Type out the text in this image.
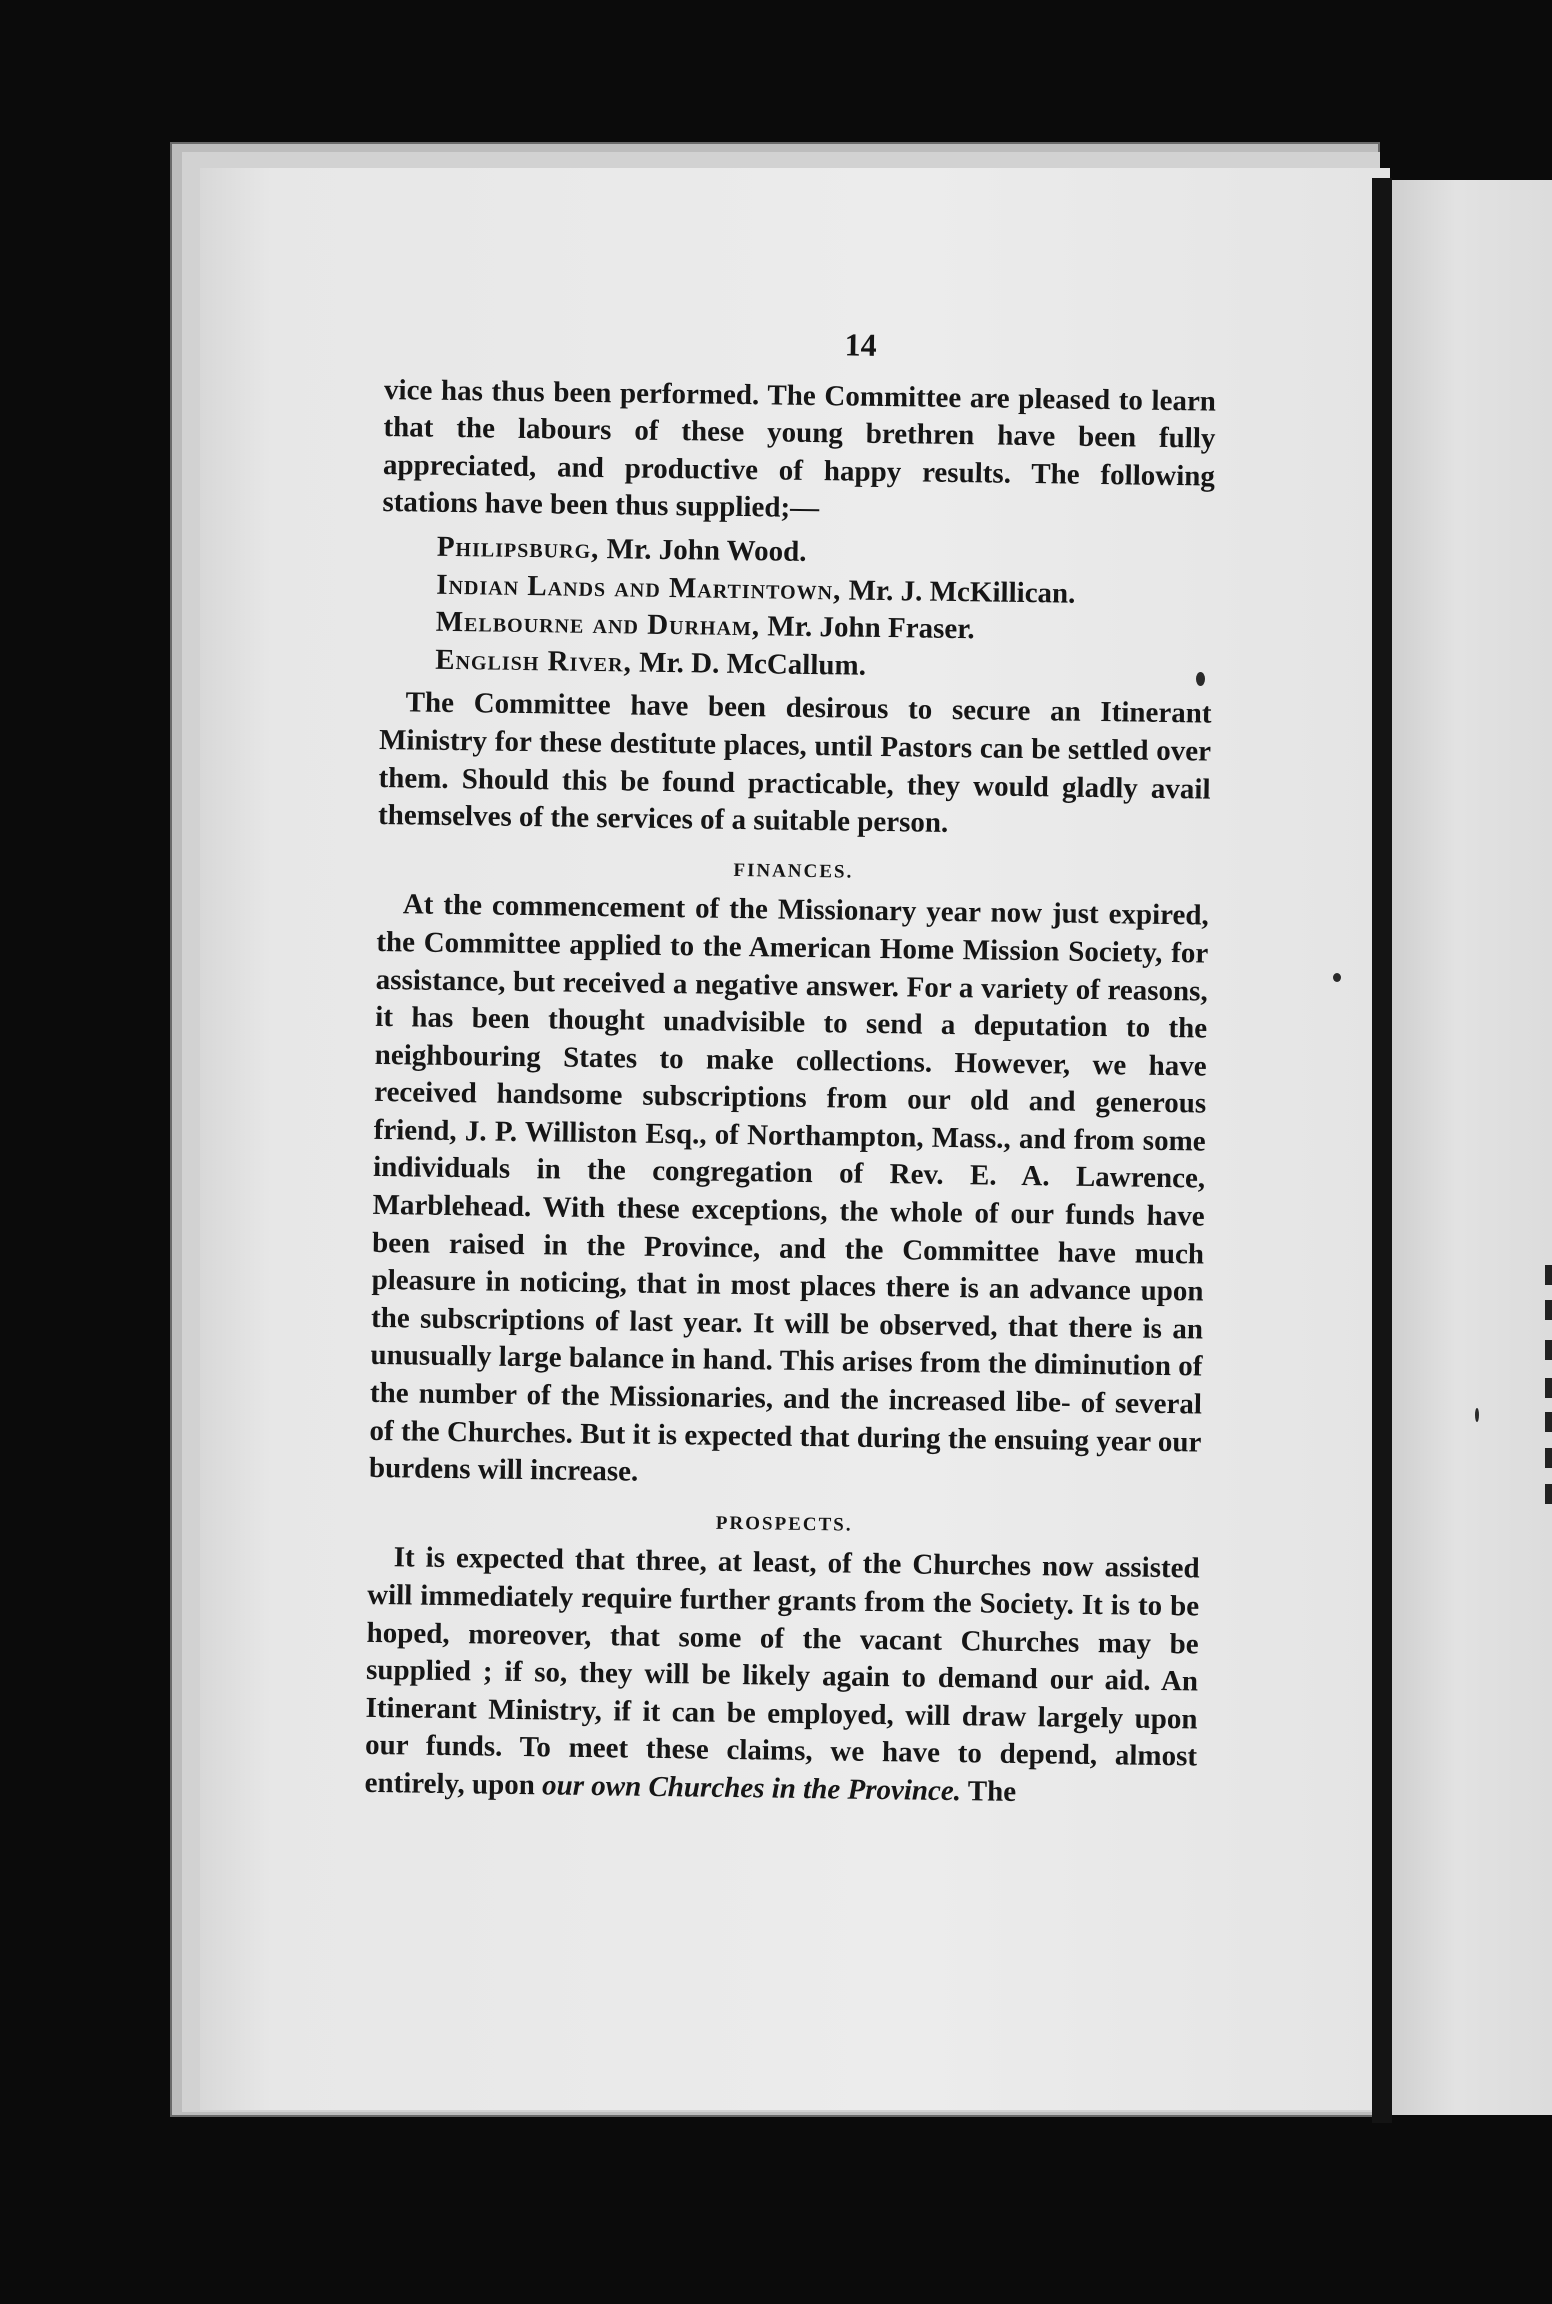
14

vice has thus been performed. The Committee are pleased to learn that the labours of these young brethren have been fully appreciated, and productive of happy results. The following stations have been thus supplied;—

Philipsburg, Mr. John Wood.

Indian Lands and Martintown, Mr. J. McKillican.

Melbourne and Durham, Mr. John Fraser.

English River, Mr. D. McCallum.

The Committee have been desirous to secure an Itinerant Ministry for these destitute places, until Pastors can be settled over them. Should this be found practicable, they would gladly avail themselves of the services of a suitable person.

FINANCES.

At the commencement of the Missionary year now just expired, the Committee applied to the American Home Mission Society, for assistance, but received a negative answer. For a variety of reasons, it has been thought unadvisible to send a deputation to the neighbouring States to make collections. However, we have received handsome subscriptions from our old and generous friend, J. P. Williston Esq., of Northampton, Mass., and from some individuals in the congregation of Rev. E. A. Lawrence, Marblehead. With these exceptions, the whole of our funds have been raised in the Province, and the Committee have much pleasure in noticing, that in most places there is an advance upon the subscriptions of last year. It will be observed, that there is an unusually large balance in hand. This arises from the diminution of the number of the Missionaries, and the increased libe- of several of the Churches. But it is expected that during the ensuing year our burdens will increase.

PROSPECTS.

It is expected that three, at least, of the Churches now assisted will immediately require further grants from the Society. It is to be hoped, moreover, that some of the vacant Churches may be supplied ; if so, they will be likely again to demand our aid. An Itinerant Ministry, if it can be employed, will draw largely upon our funds. To meet these claims, we have to depend, almost entirely, upon our own Churches in the Province. The
